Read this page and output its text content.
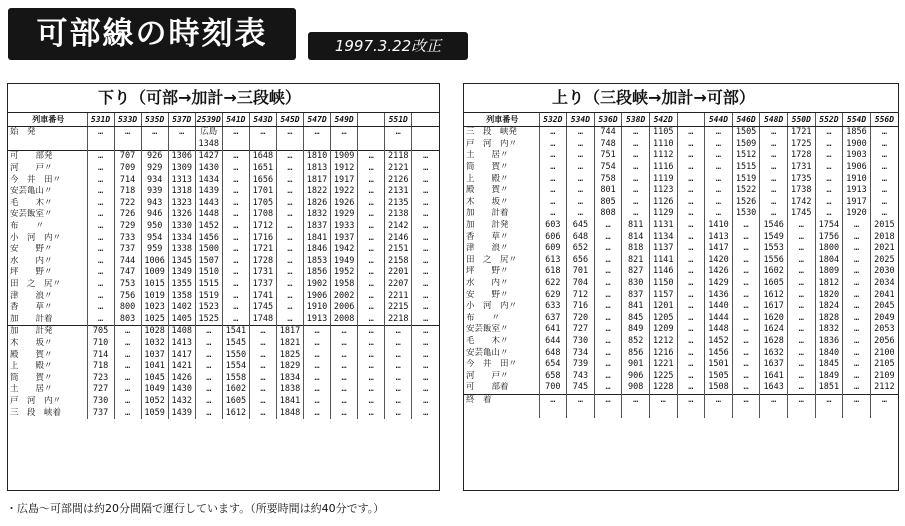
可部線の時刻表	1997.3.22改正
下り（可部→加計→三段峡）
列車番号	531D	533D	535D	537D	2539D	541D	543D	545D	547D	549D		551D	
始　発	…	…	…	…	広島	…	…	…	…	…		…	
					1348								
可　　部発	…	707	926	1306	1427	…	1648	…	1810	1909	…	2118	…
河　　戸〃	…	709	929	1309	1430	…	1651	…	1813	1912	…	2121	…
今　井　田〃	…	714	934	1313	1434	…	1656	…	1817	1917	…	2126	…
安芸亀山〃	…	718	939	1318	1439	…	1701	…	1822	1922	…	2131	…
毛　　木〃	…	722	943	1323	1443	…	1705	…	1826	1926	…	2135	…
安芸飯室〃	…	726	946	1326	1448	…	1708	…	1832	1929	…	2138	…
布　　〃	…	729	950	1330	1452	…	1712	…	1837	1933	…	2142	…
小　河　内〃	…	733	954	1334	1456	…	1716	…	1841	1937	…	2146	…
安　　野〃	…	737	959	1338	1500	…	1721	…	1846	1942	…	2151	…
水　　内〃	…	744	1006	1345	1507	…	1728	…	1853	1949	…	2158	…
坪　　野〃	…	747	1009	1349	1510	…	1731	…	1856	1952	…	2201	…
田　之　尻〃	…	753	1015	1355	1515	…	1737	…	1902	1958	…	2207	…
津　　浪〃	…	756	1019	1358	1519	…	1741	…	1906	2002	…	2211	…
香　　草〃	…	800	1023	1402	1523	…	1745	…	1910	2006	…	2215	…
加　　計着	…	803	1025	1405	1525	…	1748	…	1913	2008	…	2218	…
加　　計発	705	…	1028	1408	…	1541	…	1817	…	…	…	…	…
木　　坂〃	710	…	1032	1413	…	1545	…	1821	…	…	…	…	…
殿　　賀〃	714	…	1037	1417	…	1550	…	1825	…	…	…	…	…
上　　殿〃	718	…	1041	1421	…	1554	…	1829	…	…	…	…	…
筒　　賀〃	723	…	1045	1426	…	1558	…	1834	…	…	…	…	…
土　　居〃	727	…	1049	1430	…	1602	…	1838	…	…	…	…	…
戸　河　内〃	730	…	1052	1432	…	1605	…	1841	…	…	…	…	…
三　段　峡着	737	…	1059	1439	…	1612	…	1848	…	…	…	…	…
上り（三段峡→加計→可部）
列車番号	532D	534D	536D	538D	542D		544D	546D	548D	550D	552D	554D	556D
三　段　峡発	…	…	744	…	1105	…	…	1505	…	1721	…	1856	…
戸　河　内〃	…	…	748	…	1110	…	…	1509	…	1725	…	1900	…
土　　居〃	…	…	751	…	1112	…	…	1512	…	1728	…	1903	…
筒　　賀〃	…	…	754	…	1116	…	…	1515	…	1731	…	1906	…
上　　殿〃	…	…	758	…	1119	…	…	1519	…	1735	…	1910	…
殿　　賀〃	…	…	801	…	1123	…	…	1522	…	1738	…	1913	…
木　　坂〃	…	…	805	…	1126	…	…	1526	…	1742	…	1917	…
加　　計着	…	…	808	…	1129	…	…	1530	…	1745	…	1920	…
加　　計発	603	645	…	811	1131	…	1410	…	1546	…	1754	…	2015
香　　草〃	606	648	…	814	1134	…	1413	…	1549	…	1756	…	2018
津　　浪〃	609	652	…	818	1137	…	1417	…	1553	…	1800	…	2021
田　之　尻〃	613	656	…	821	1141	…	1420	…	1556	…	1804	…	2025
坪　　野〃	618	701	…	827	1146	…	1426	…	1602	…	1809	…	2030
水　　内〃	622	704	…	830	1150	…	1429	…	1605	…	1812	…	2034
安　　野〃	629	712	…	837	1157	…	1436	…	1612	…	1820	…	2041
小　河　内〃	633	716	…	841	1201	…	1440	…	1617	…	1824	…	2045
布　　〃	637	720	…	845	1205	…	1444	…	1620	…	1828	…	2049
安芸飯室〃	641	727	…	849	1209	…	1448	…	1624	…	1832	…	2053
毛　　木〃	644	730	…	852	1212	…	1452	…	1628	…	1836	…	2056
安芸亀山〃	648	734	…	856	1216	…	1456	…	1632	…	1840	…	2100
今　井　田〃	654	739	…	901	1221	…	1501	…	1637	…	1845	…	2105
河　　戸〃	658	743	…	906	1225	…	1505	…	1641	…	1849	…	2109
可　　部着	700	745	…	908	1228	…	1508	…	1643	…	1851	…	2112
終　着	…	…	…	…	…	…	…	…	…	…	…	…	…

・広島〜可部間は約20分間隔で運行しています。（所要時間は約40分です。）
